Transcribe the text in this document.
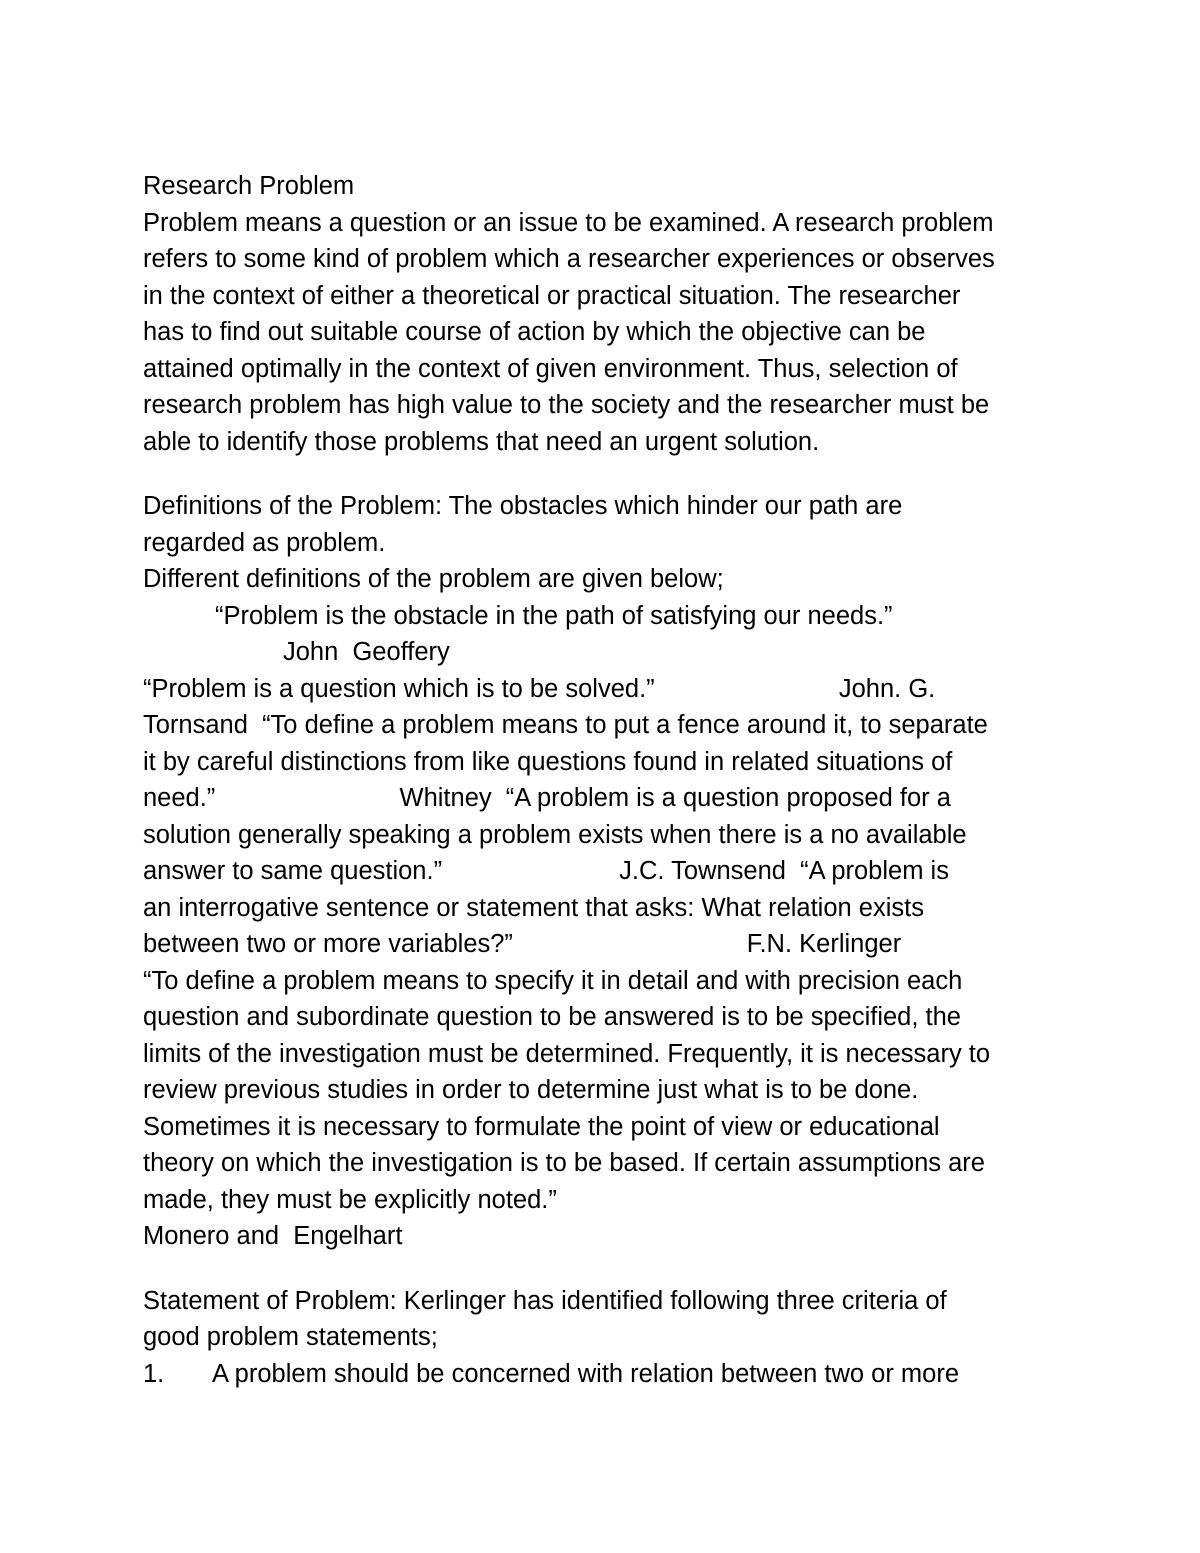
Research Problem
Problem means a question or an issue to be examined. A research problem
refers to some kind of problem which a researcher experiences or observes
in the context of either a theoretical or practical situation. The researcher
has to find out suitable course of action by which the objective can be
attained optimally in the context of given environment. Thus, selection of
research problem has high value to the society and the researcher must be
able to identify those problems that need an urgent solution.
Definitions of the Problem: The obstacles which hinder our path are
regarded as problem.
Different definitions of the problem are given below;
“Problem is the obstacle in the path of satisfying our needs.”
John  Geoffery
“Problem is a question which is to be solved.”                          John. G.
Tornsand  “To define a problem means to put a fence around it, to separate
it by careful distinctions from like questions found in related situations of
need.”                          Whitney  “A problem is a question proposed for a
solution generally speaking a problem exists when there is a no available
answer to same question.”                         J.C. Townsend  “A problem is
an interrogative sentence or statement that asks: What relation exists
between two or more variables?”                                 F.N. Kerlinger
“To define a problem means to specify it in detail and with precision each
question and subordinate question to be answered is to be specified, the
limits of the investigation must be determined. Frequently, it is necessary to
review previous studies in order to determine just what is to be done.
Sometimes it is necessary to formulate the point of view or educational
theory on which the investigation is to be based. If certain assumptions are
made, they must be explicitly noted.”
Monero and  Engelhart
Statement of Problem: Kerlinger has identified following three criteria of
good problem statements;
1. A problem should be concerned with relation between two or more
